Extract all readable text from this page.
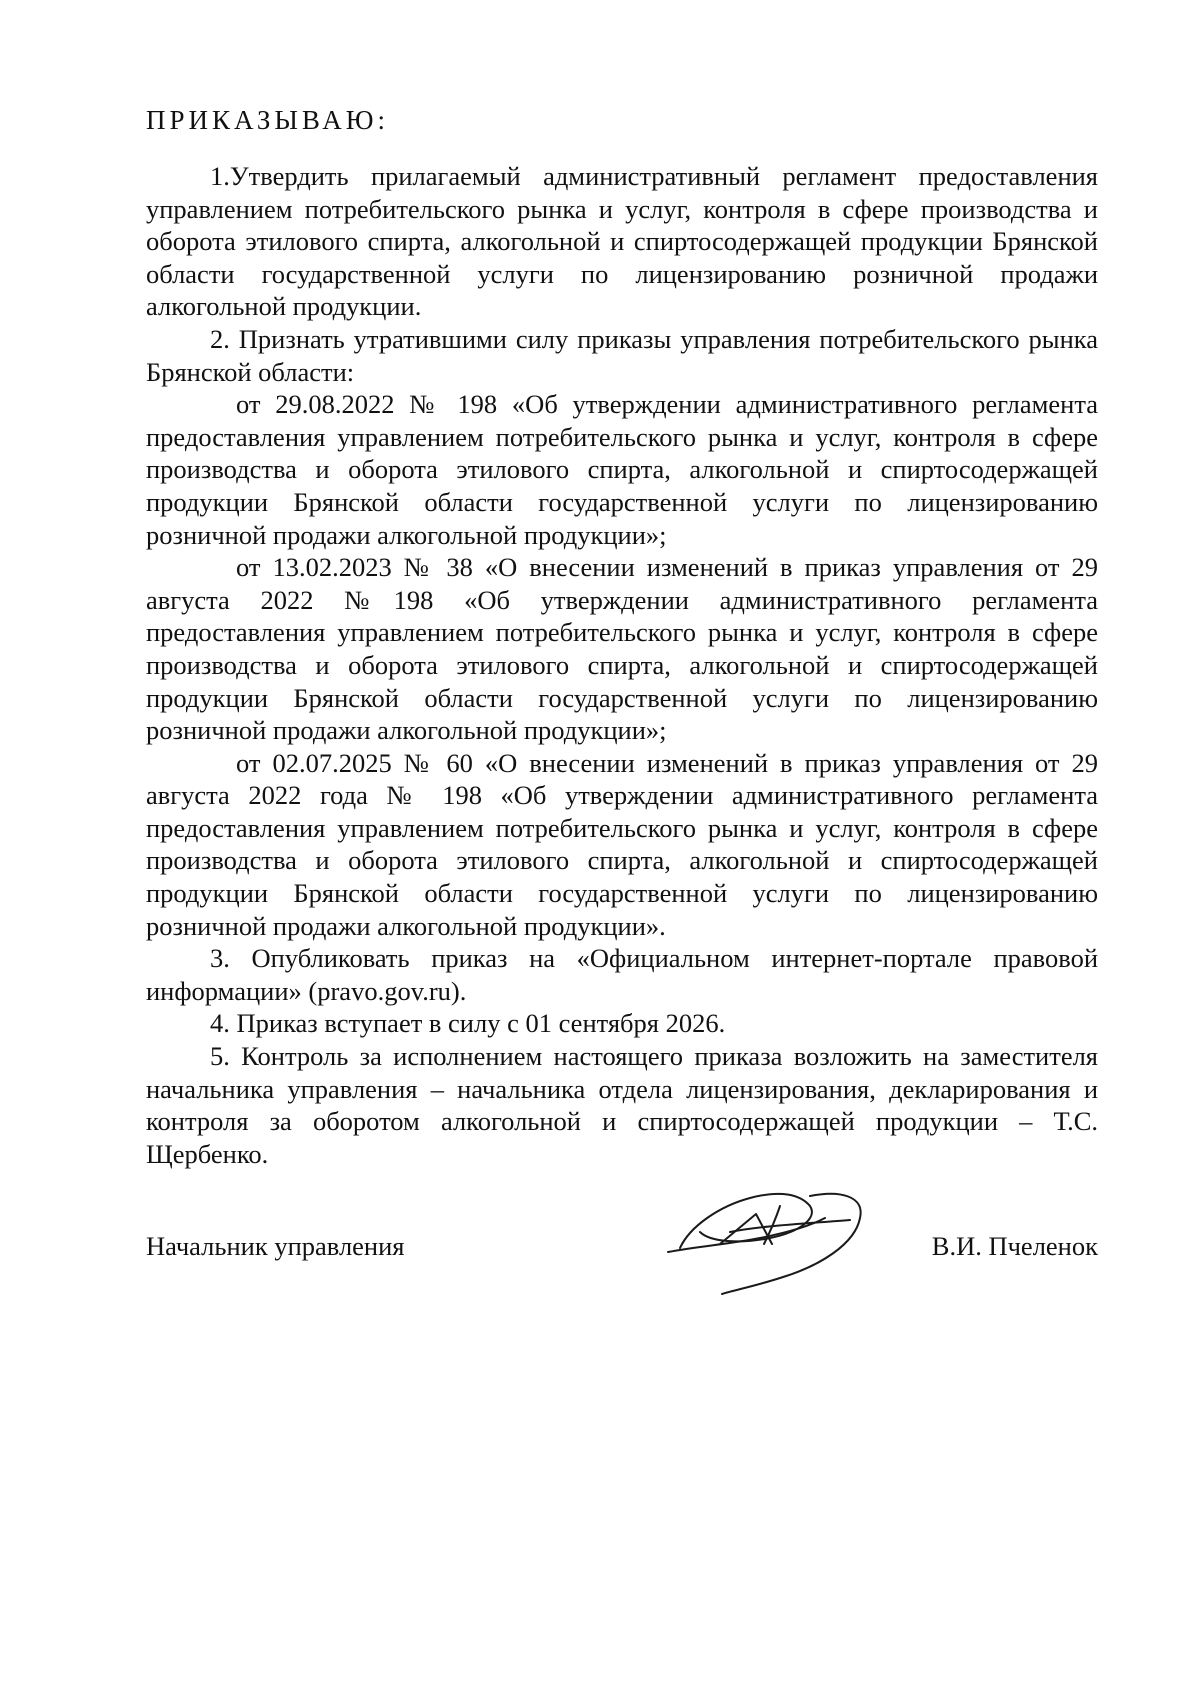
ПРИКАЗЫВАЮ:

1.Утвердить прилагаемый административный регламент предоставления управлением потребительского рынка и услуг, контроля в сфере производства и оборота этилового спирта, алкогольной и спиртосодержащей продукции Брянской области государственной услуги по лицензированию розничной продажи алкогольной продукции.

2. Признать утратившими силу приказы управления потребительского рынка Брянской области:

от 29.08.2022 № 198 «Об утверждении административного регламента предоставления управлением потребительского рынка и услуг, контроля в сфере производства и оборота этилового спирта, алкогольной и спиртосодержащей продукции Брянской области государственной услуги по лицензированию розничной продажи алкогольной продукции»;

от 13.02.2023 № 38 «О внесении изменений в приказ управления от 29 августа 2022 №198 «Об утверждении административного регламента предоставления управлением потребительского рынка и услуг, контроля в сфере производства и оборота этилового спирта, алкогольной и спиртосодержащей продукции Брянской области государственной услуги по лицензированию розничной продажи алкогольной продукции»;

от 02.07.2025 № 60 «О внесении изменений в приказ управления от 29 августа 2022 года № 198 «Об утверждении административного регламента предоставления управлением потребительского рынка и услуг, контроля в сфере производства и оборота этилового спирта, алкогольной и спиртосодержащей продукции Брянской области государственной услуги по лицензированию розничной продажи алкогольной продукции».

3. Опубликовать приказ на «Официальном интернет-портале правовой информации» (pravo.gov.ru).

4. Приказ вступает в силу с 01 сентября 2026.

5. Контроль за исполнением настоящего приказа возложить на заместителя начальника управления – начальника отдела лицензирования, декларирования и контроля за оборотом алкогольной и спиртосодержащей продукции – Т.С. Щербенко.

Начальник управления	В.И. Пчеленок
